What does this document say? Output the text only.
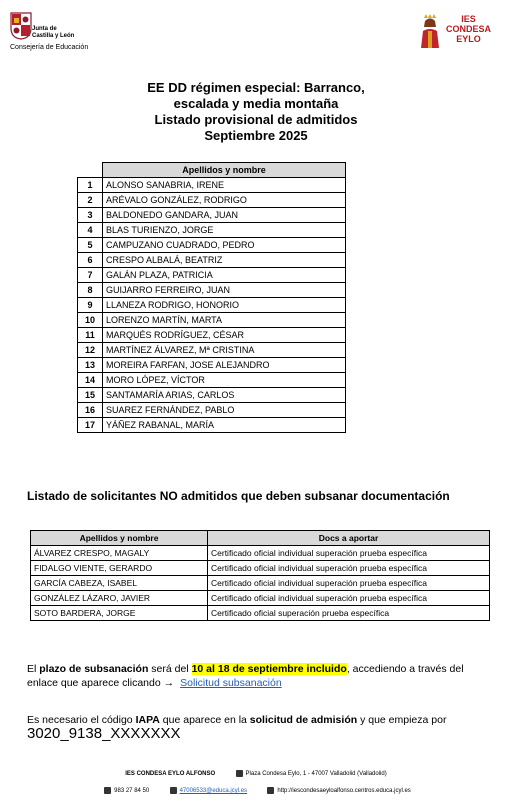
Junta de
Castilla y León
Consejería de Educación
IES
CONDESA
EYLO
EE DD régimen especial: Barranco,
escalada y media montaña
Listado provisional de admitidos
Septiembre 2025
	Apellidos y nombre
1	ALONSO SANABRIA, IRENE
2	ARÉVALO GONZÁLEZ, RODRIGO
3	BALDONEDO GANDARA, JUAN
4	BLAS TURIENZO, JORGE
5	CAMPUZANO CUADRADO, PEDRO
6	CRESPO ALBALÁ, BEATRIZ
7	GALÁN PLAZA, PATRICIA
8	GUIJARRO FERREIRO, JUAN
9	LLANEZA RODRIGO, HONORIO
10	LORENZO MARTÍN, MARTA
11	MARQUÉS RODRÍGUEZ, CÉSAR
12	MARTÍNEZ ÁLVAREZ, Mª CRISTINA
13	MOREIRA FARFAN, JOSE ALEJANDRO
14	MORO LÓPEZ, VÍCTOR
15	SANTAMARÍA ARIAS, CARLOS
16	SUAREZ FERNÁNDEZ, PABLO
17	YÁÑEZ RABANAL, MARÍA
Listado de solicitantes NO admitidos que deben subsanar documentación
Apellidos y nombre	Docs a aportar
ÁLVAREZ CRESPO, MAGALY	Certificado oficial individual superación prueba específica
FIDALGO VIENTE, GERARDO	Certificado oficial individual superación prueba específica
GARCÍA CABEZA, ISABEL	Certificado oficial individual superación prueba específica
GONZÁLEZ LÁZARO, JAVIER	Certificado oficial individual superación prueba específica
SOTO BARDERA, JORGE	Certificado oficial superación prueba específica
El plazo de subsanación será del 10 al 18 de septiembre incluido, accediendo a través del enlace que aparece clicando → Solicitud subsanación
Es necesario el código IAPA que aparece en la solicitud de admisión y que empieza por 3020_9138_XXXXXXX
IES CONDESA EYLO ALFONSO	Plaza Condesa Eylo, 1 - 47007 Valladolid (Valladolid)
983 27 84 50	47006533@educa.jcyl.es	http://iescondesaeyloalfonso.centros.educa.jcyl.es
